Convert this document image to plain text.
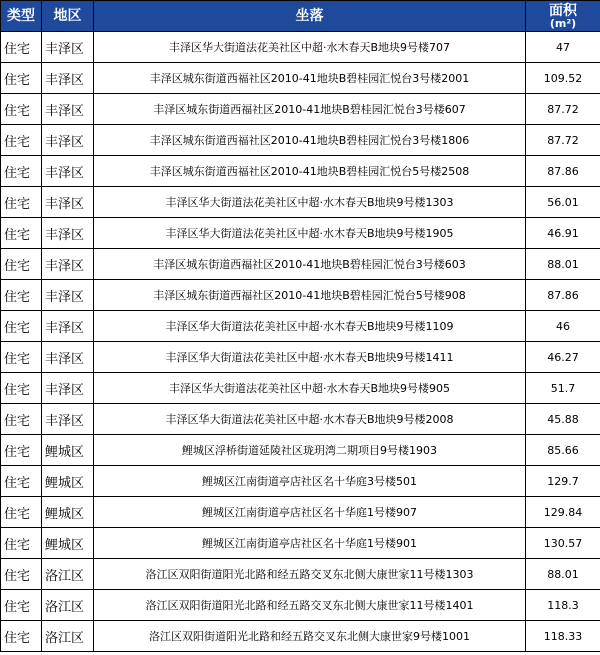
类型	地区	坐落	面积
(m²)

住宅	丰泽区	丰泽区华大街道法花美社区中超·水木春天B地块9号楼707	47
住宅	丰泽区	丰泽区城东街道西福社区2010-41地块B碧桂园汇悦台3号楼2001	109.52
住宅	丰泽区	丰泽区城东街道西福社区2010-41地块B碧桂园汇悦台3号楼607	87.72
住宅	丰泽区	丰泽区城东街道西福社区2010-41地块B碧桂园汇悦台3号楼1806	87.72
住宅	丰泽区	丰泽区城东街道西福社区2010-41地块B碧桂园汇悦台5号楼2508	87.86
住宅	丰泽区	丰泽区华大街道法花美社区中超·水木春天B地块9号楼1303	56.01
住宅	丰泽区	丰泽区华大街道法花美社区中超·水木春天B地块9号楼1905	46.91
住宅	丰泽区	丰泽区城东街道西福社区2010-41地块B碧桂园汇悦台3号楼603	88.01
住宅	丰泽区	丰泽区城东街道西福社区2010-41地块B碧桂园汇悦台5号楼908	87.86
住宅	丰泽区	丰泽区华大街道法花美社区中超·水木春天B地块9号楼1109	46
住宅	丰泽区	丰泽区华大街道法花美社区中超·水木春天B地块9号楼1411	46.27
住宅	丰泽区	丰泽区华大街道法花美社区中超·水木春天B地块9号楼905	51.7
住宅	丰泽区	丰泽区华大街道法花美社区中超·水木春天B地块9号楼2008	45.88
住宅	鲤城区	鲤城区浮桥街道延陵社区珑玥湾二期项目9号楼1903	85.66
住宅	鲤城区	鲤城区江南街道亭店社区名十华庭3号楼501	129.7
住宅	鲤城区	鲤城区江南街道亭店社区名十华庭1号楼907	129.84
住宅	鲤城区	鲤城区江南街道亭店社区名十华庭1号楼901	130.57
住宅	洛江区	洛江区双阳街道阳光北路和经五路交叉东北侧大康世家11号楼1303	88.01
住宅	洛江区	洛江区双阳街道阳光北路和经五路交叉东北侧大康世家11号楼1401	118.3
住宅	洛江区	洛江区双阳街道阳光北路和经五路交叉东北侧大康世家9号楼1001	118.33
